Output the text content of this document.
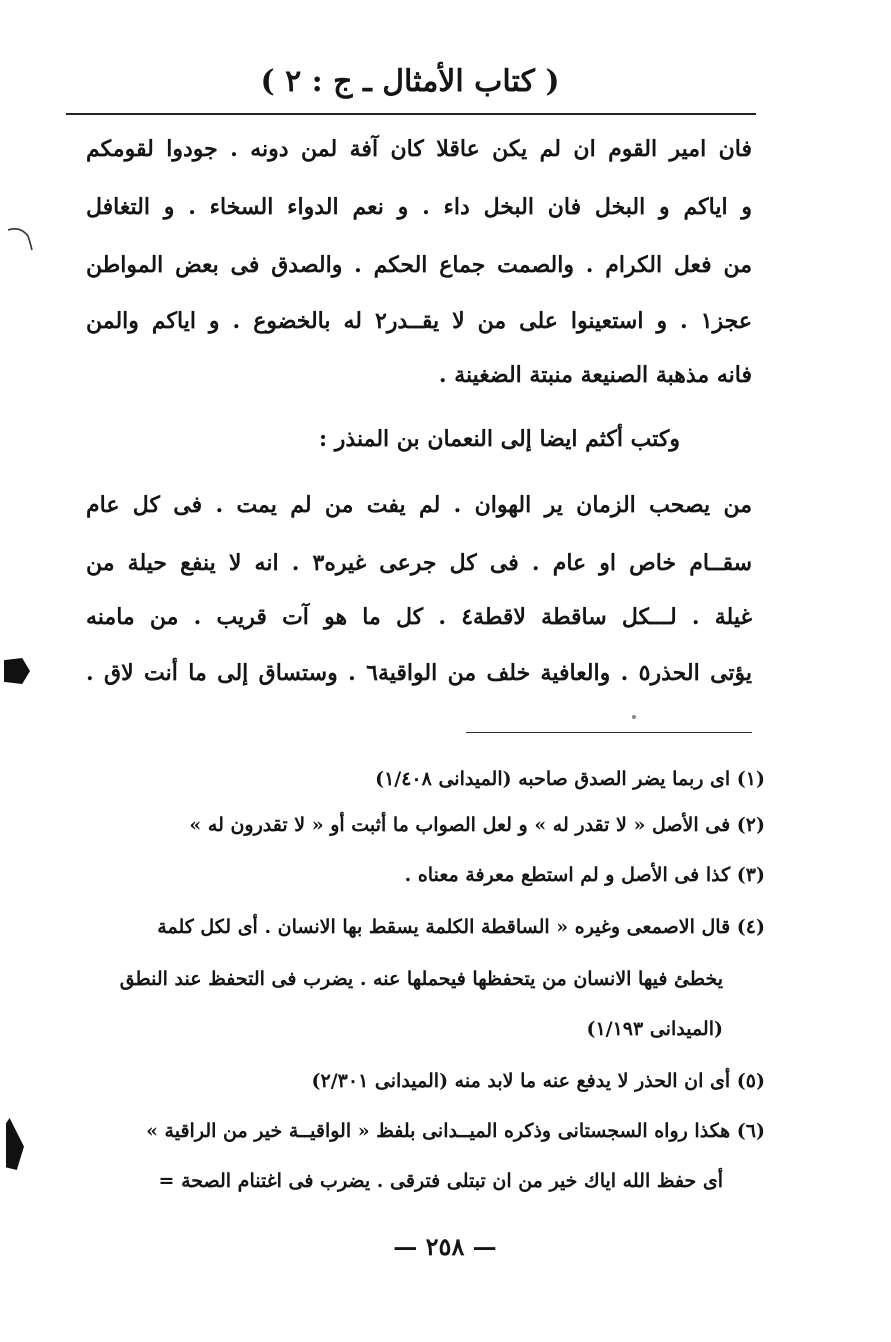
( كتاب الأمثال ـ ج : ٢ )
فان امير القوم ان لم يكن عاقلا كان آفة لمن دونه . جودوا لقومكم
و اياكم و البخل فان البخل داء . و نعم الدواء السخاء . و التغافل
من فعل الكرام . والصمت جماع الحكم . والصدق فى بعض المواطن
عجز١ . و استعينوا على من لا يقــدر٢ له بالخضوع . و اياكم والمن
فانه مذهبة الصنيعة منبتة الضغينة .
وكتب أكثم ايضا إلى النعمان بن المنذر :
من يصحب الزمان ير الهوان . لم يفت من لم يمت . فى كل عام
سقــام خاص او عام . فى كل جرعى غيره٣ . انه لا ينفع حيلة من
غيلة . لـــكل ساقطة لاقطة٤ . كل ما هو آت قريب . من مامنه
يؤتى الحذر٥ . والعافية خلف من الواقية٦ . وستساق إلى ما أنت لاق .
(١) اى ربما يضر الصدق صاحبه (الميدانى ١/٤٠٨)
(٢) فى الأصل « لا تقدر له » و لعل الصواب ما أثبت أو « لا تقدرون له »
(٣) كذا فى الأصل و لم استطع معرفة معناه .
(٤) قال الاصمعى وغيره « الساقطة الكلمة يسقط بها الانسان . أى لكل كلمة
يخطئ فيها الانسان من يتحفظها فيحملها عنه . يضرب فى التحفظ عند النطق
(الميدانى ١/١٩٣)
(٥) أى ان الحذر لا يدفع عنه ما لابد منه (الميدانى ٢/٣٠١)
(٦) هكذا رواه السجستانى وذكره الميــدانى بلفظ « الواقيــة خير من الراقية »
أى حفظ الله اياك خير من ان تبتلى فترقى . يضرب فى اغتنام الصحة =
— ٢٥٨ —
